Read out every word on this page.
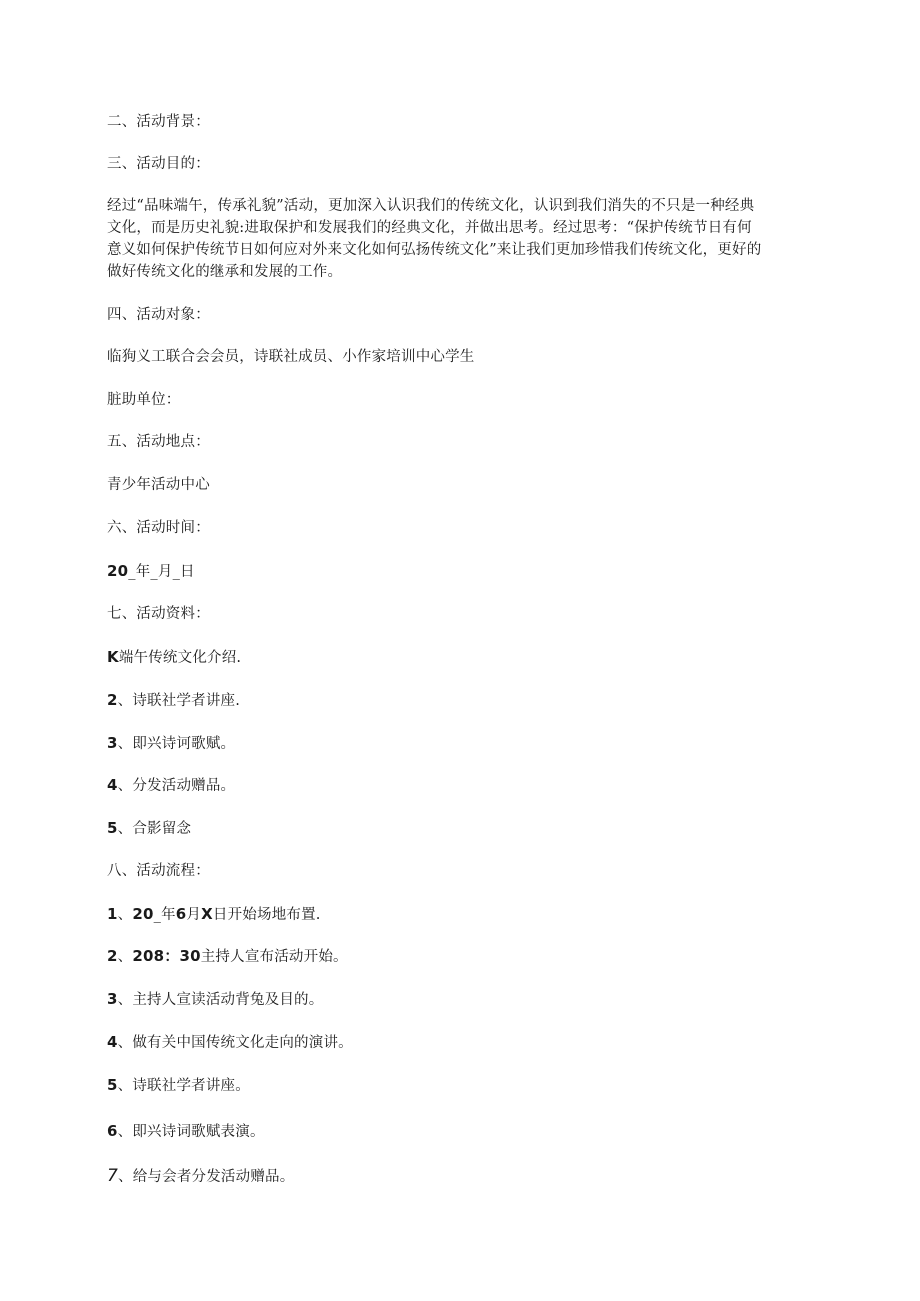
二、活动背景：
三、活动目的：
经过“品味端午，传承礼貌”活动，更加深入认识我们的传统文化，认识到我们消失的不只是一种经典
文化，而是历史礼貌:进取保护和发展我们的经典文化，并做出思考。经过思考：“保护传统节日有何
意义如何保护传统节日如何应对外来文化如何弘扬传统文化”来让我们更加珍惜我们传统文化，更好的
做好传统文化的继承和发展的工作。
四、活动对象：
临狗义工联合会会员，诗联社成员、小作家培训中心学生
脏助单位：
五、活动地点：
青少年活动中心
六、活动时间：
20_年_月_日
七、活动资料：
K端午传统文化介绍.
2、诗联社学者讲座.
3、即兴诗诃歌赋。
4、分发活动赠品。
5、合影留念
八、活动流程：
1、20_年6月X日开始场地布置.
2、208：30主持人宣布活动开始。
3、主持人宣读活动背兔及目的。
4、做有关中国传统文化走向的演讲。
5、诗联社学者讲座。
6、即兴诗词歌赋表演。
7、给与会者分发活动赠品。
